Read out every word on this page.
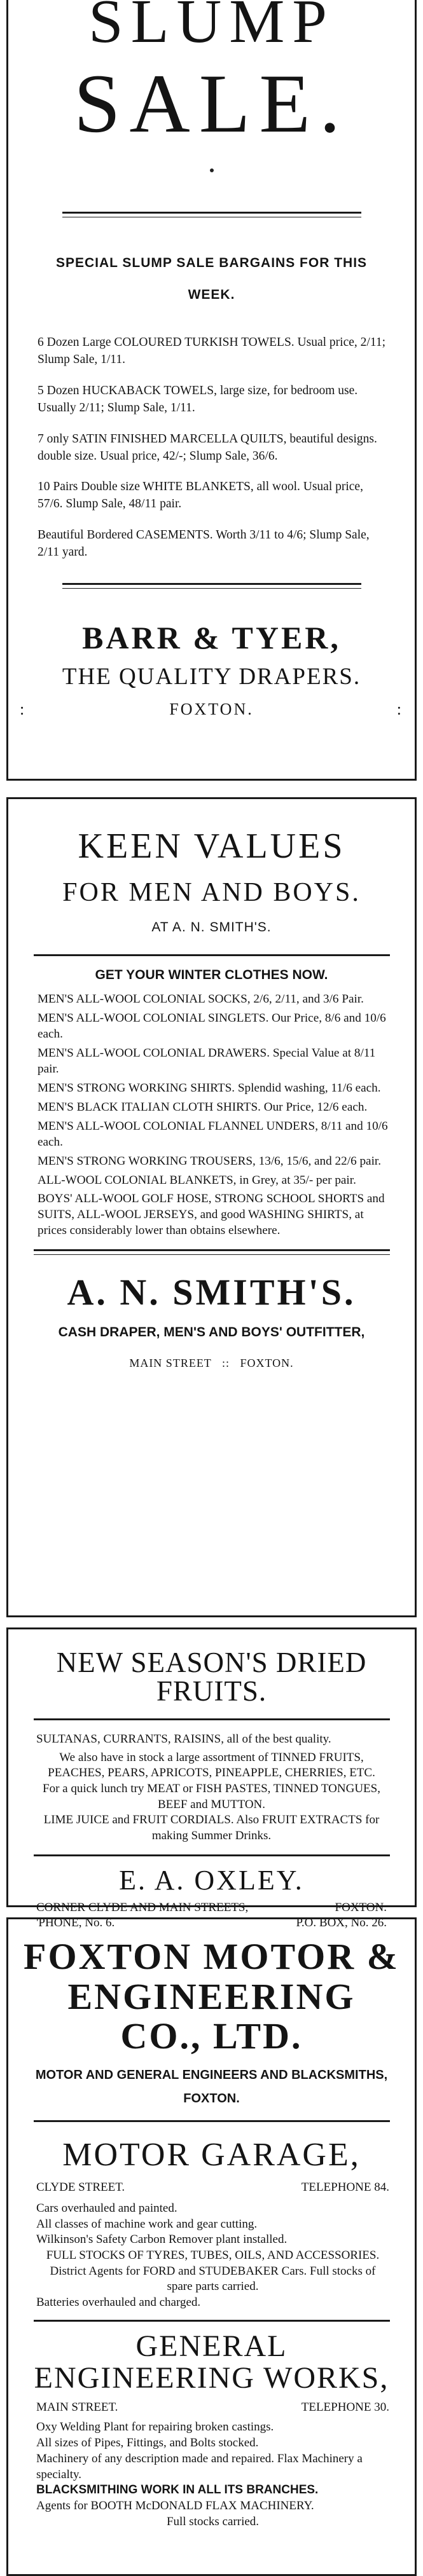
SLUMP
SALE.
SPECIAL SLUMP SALE BARGAINS FOR THIS
WEEK.

6 Dozen Large COLOURED TURKISH TOWELS. Usual price, 2/11; Slump Sale, 1/11.

5 Dozen HUCKABACK TOWELS, large size, for bedroom use. Usually 2/11; Slump Sale, 1/11.

7 only SATIN FINISHED MARCELLA QUILTS, beautiful designs. double size. Usual price, 42/-; Slump Sale, 36/6.

10 Pairs Double size WHITE BLANKETS, all wool. Usual price, 57/6. Slump Sale, 48/11 pair.

Beautiful Bordered CASEMENTS. Worth 3/11 to 4/6; Slump Sale, 2/11 yard.

BARR & TYER,
THE QUALITY DRAPERS.
:	FOXTON.	:
KEEN VALUES
FOR MEN AND BOYS.
AT A. N. SMITH'S.
GET YOUR WINTER CLOTHES NOW.

MEN'S ALL-WOOL COLONIAL SOCKS, 2/6, 2/11, and 3/6 Pair.

MEN'S ALL-WOOL COLONIAL SINGLETS. Our Price, 8/6 and 10/6 each.

MEN'S ALL-WOOL COLONIAL DRAWERS. Special Value at 8/11 pair.

MEN'S STRONG WORKING SHIRTS. Splendid washing, 11/6 each.

MEN'S BLACK ITALIAN CLOTH SHIRTS. Our Price, 12/6 each.

MEN'S ALL-WOOL COLONIAL FLANNEL UNDERS, 8/11 and 10/6 each.

MEN'S STRONG WORKING TROUSERS, 13/6, 15/6, and 22/6 pair.

ALL-WOOL COLONIAL BLANKETS, in Grey, at 35/- per pair.

BOYS' ALL-WOOL GOLF HOSE, STRONG SCHOOL SHORTS and SUITS, ALL-WOOL JERSEYS, and good WASHING SHIRTS, at prices considerably lower than obtains elsewhere.

A. N. SMITH'S.
CASH DRAPER, MEN'S AND BOYS' OUTFITTER,
MAIN STREET :: FOXTON.
NEW SEASON'S DRIED FRUITS.

SULTANAS, CURRANTS, RAISINS, all of the best quality.

We also have in stock a large assortment of TINNED FRUITS, PEACHES, PEARS, APRICOTS, PINEAPPLE, CHERRIES, ETC.

For a quick lunch try MEAT or FISH PASTES, TINNED TONGUES, BEEF and MUTTON.

LIME JUICE and FRUIT CORDIALS. Also FRUIT EXTRACTS for making Summer Drinks.

E. A. OXLEY.
CORNER CLYDE AND MAIN STREETS,	FOXTON.
'PHONE, No. 6.	P.O. BOX, No. 26.
FOXTON MOTOR &
ENGINEERING
CO., LTD.
MOTOR AND GENERAL ENGINEERS AND BLACKSMITHS,
FOXTON.
MOTOR GARAGE,
CLYDE STREET.	TELEPHONE 84.
Cars overhauled and painted.
All classes of machine work and gear cutting.
Wilkinson's Safety Carbon Remover plant installed.
FULL STOCKS OF TYRES, TUBES, OILS, AND ACCESSORIES.
District Agents for FORD and STUDEBAKER Cars. Full stocks of spare parts carried.
Batteries overhauled and charged.
GENERAL ENGINEERING WORKS,
MAIN STREET.	TELEPHONE 30.
Oxy Welding Plant for repairing broken castings.
All sizes of Pipes, Fittings, and Bolts stocked.
Machinery of any description made and repaired. Flax Machinery a specialty.
BLACKSMITHING WORK IN ALL ITS BRANCHES.
Agents for BOOTH McDONALD FLAX MACHINERY.
Full stocks carried.
